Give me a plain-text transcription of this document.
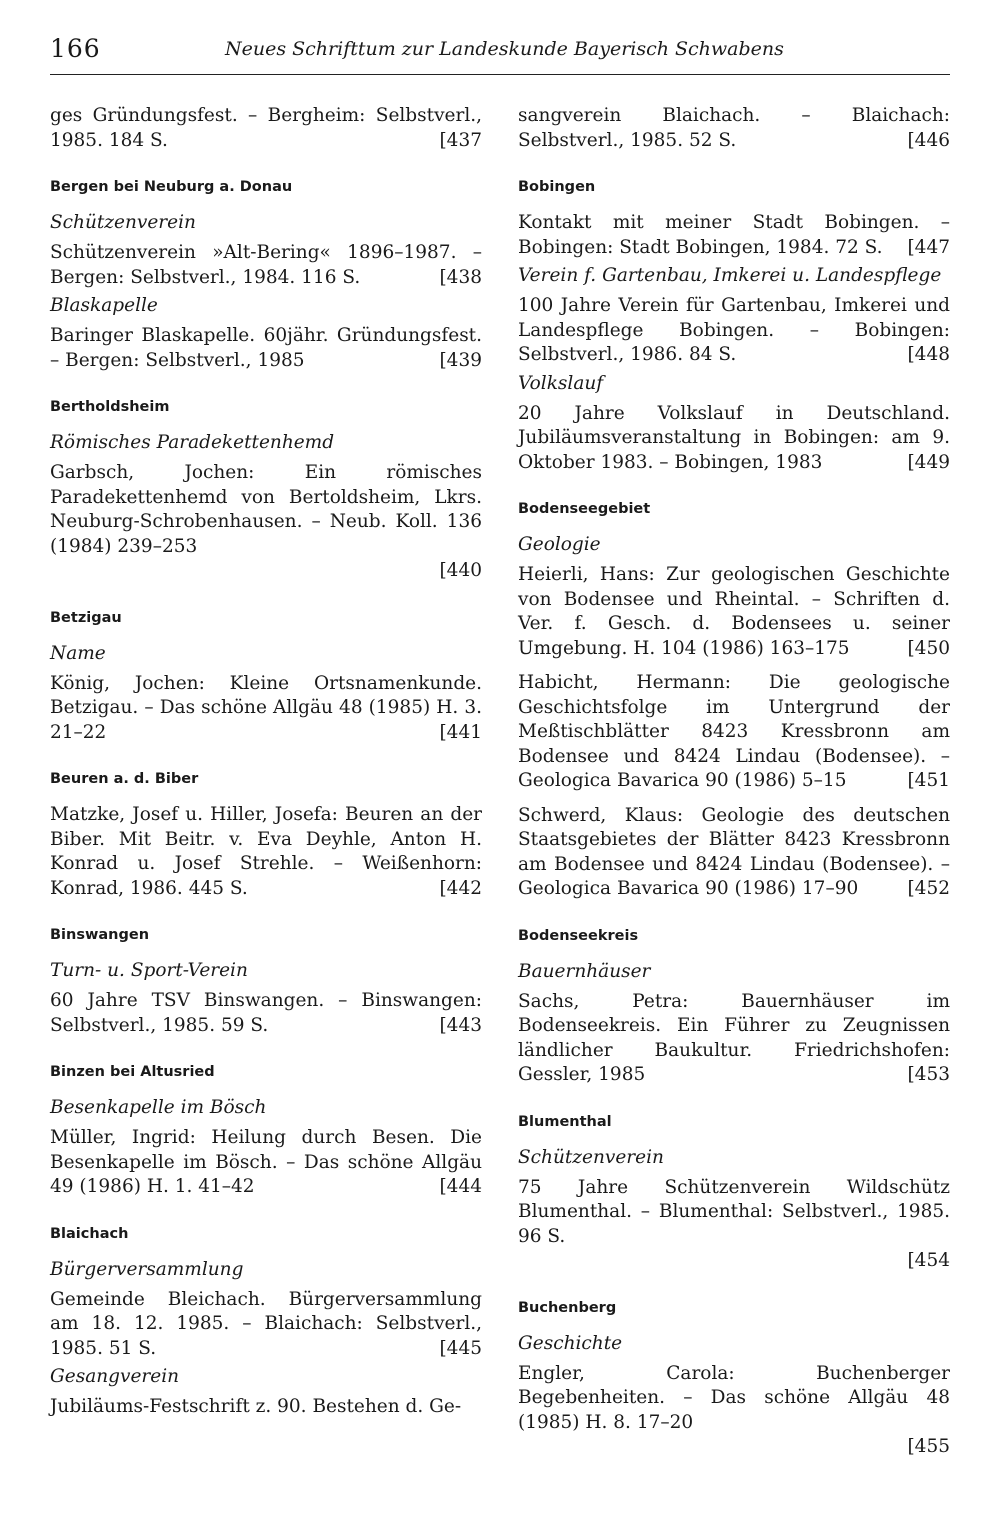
166	Neues Schrifttum zur Landeskunde Bayerisch Schwabens

ges Gründungsfest. – Bergheim: Selbstverl., 1985. 184 S.	[437

Bergen bei Neuburg a. Donau
Schützenverein

Schützenverein »Alt-Bering« 1896–1987. – Bergen: Selbstverl., 1984. 116 S.	[438

Blaskapelle

Baringer Blaskapelle. 60jähr. Gründungsfest. – Bergen: Selbstverl., 1985	[439

Bertholdsheim
Römisches Paradekettenhemd

Garbsch, Jochen: Ein römisches Paradekettenhemd von Bertoldsheim, Lkrs. Neuburg-Schrobenhausen. – Neub. Koll. 136 (1984) 239–253
[440

Betzigau
Name

König, Jochen: Kleine Ortsnamenkunde. Betzigau. – Das schöne Allgäu 48 (1985) H. 3. 21–22	[441

Beuren a. d. Biber

Matzke, Josef u. Hiller, Josefa: Beuren an der Biber. Mit Beitr. v. Eva Deyhle, Anton H. Konrad u. Josef Strehle. – Weißenhorn: Konrad, 1986. 445 S.	[442

Binswangen
Turn- u. Sport-Verein

60 Jahre TSV Binswangen. – Binswangen: Selbstverl., 1985. 59 S.	[443

Binzen bei Altusried
Besenkapelle im Bösch

Müller, Ingrid: Heilung durch Besen. Die Besenkapelle im Bösch. – Das schöne Allgäu 49 (1986) H. 1. 41–42	[444

Blaichach
Bürgerversammlung

Gemeinde Bleichach. Bürgerversammlung am 18. 12. 1985. – Blaichach: Selbstverl., 1985. 51 S.	[445

Gesangverein

Jubiläums-Festschrift z. 90. Bestehen d. Ge-

sangverein Blaichach. – Blaichach: Selbstverl., 1985. 52 S.	[446

Bobingen

Kontakt mit meiner Stadt Bobingen. – Bobingen: Stadt Bobingen, 1984. 72 S. [447

Verein f. Gartenbau, Imkerei u. Landespflege

100 Jahre Verein für Gartenbau, Imkerei und Landespflege Bobingen. – Bobingen: Selbstverl., 1986. 84 S.	[448

Volkslauf

20 Jahre Volkslauf in Deutschland. Jubiläumsveranstaltung in Bobingen: am 9. Oktober 1983. – Bobingen, 1983	[449

Bodenseegebiet
Geologie

Heierli, Hans: Zur geologischen Geschichte von Bodensee und Rheintal. – Schriften d. Ver. f. Gesch. d. Bodensees u. seiner Umgebung. H. 104 (1986) 163–175	[450

Habicht, Hermann: Die geologische Geschichtsfolge im Untergrund der Meßtischblätter 8423 Kressbronn am Bodensee und 8424 Lindau (Bodensee). – Geologica Bavarica 90 (1986) 5–15	[451

Schwerd, Klaus: Geologie des deutschen Staatsgebietes der Blätter 8423 Kressbronn am Bodensee und 8424 Lindau (Bodensee). – Geologica Bavarica 90 (1986) 17–90	[452

Bodenseekreis
Bauernhäuser

Sachs, Petra: Bauernhäuser im Bodenseekreis. Ein Führer zu Zeugnissen ländlicher Baukultur. Friedrichshofen: Gessler, 1985	[453

Blumenthal
Schützenverein

75 Jahre Schützenverein Wildschütz Blumenthal. – Blumenthal: Selbstverl., 1985. 96 S.
[454

Buchenberg
Geschichte

Engler, Carola: Buchenberger Begebenheiten. – Das schöne Allgäu 48 (1985) H. 8. 17–20
[455
